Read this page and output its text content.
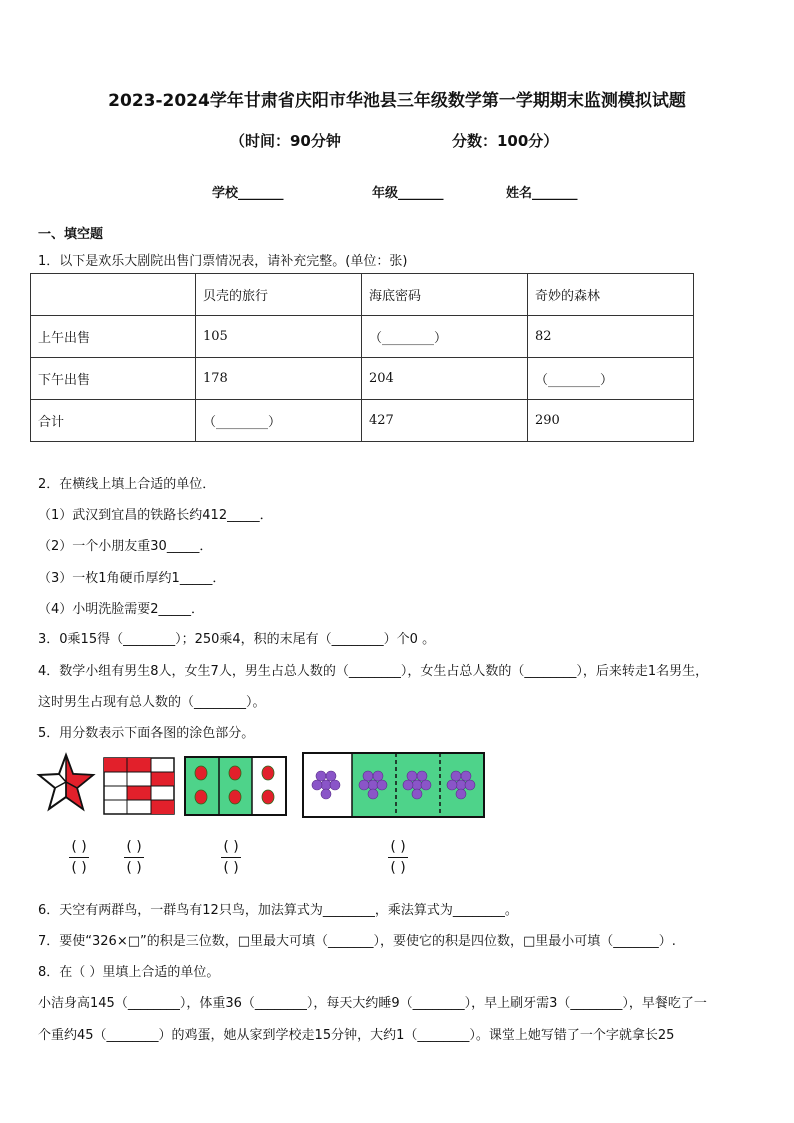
2023-2024学年甘肃省庆阳市华池县三年级数学第一学期期末监测模拟试题
（时间：90分钟	分数：100分）
学校_______	年级_______	姓名_______
一、填空题
1．以下是欢乐大剧院出售门票情况表，请补充完整。(单位：张)
	贝壳的旅行	海底密码	奇妙的森林
上午出售	105	（________）	82
下午出售	178	204	（________）
合计	（________）	427	290
2．在横线上填上合适的单位．
（1）武汉到宜昌的铁路长约412_____．
（2）一个小朋友重30_____．
（3）一枚1角硬币厚约1_____．
（4）小明洗脸需要2_____．
3．0乘15得（________）；250乘4，积的末尾有（________）个0 。
4．数学小组有男生8人，女生7人，男生占总人数的（________），女生占总人数的（________），后来转走1名男生，
这时男生占现有总人数的（________）。
5．用分数表示下面各图的涂色部分。
( )
( )
( )
( )
( )
( )
( )
( )
6．天空有两群鸟，一群鸟有12只鸟，加法算式为________，乘法算式为________。
7．要使“326×□”的积是三位数，□里最大可填（_______），要使它的积是四位数，□里最小可填（_______）.
8．在（ ）里填上合适的单位。
小洁身高145（________），体重36（________），每天大约睡9（________），早上刷牙需3（________），早餐吃了一
个重约45（________）的鸡蛋，她从家到学校走15分钟，大约1（________）。课堂上她写错了一个字就拿长25
